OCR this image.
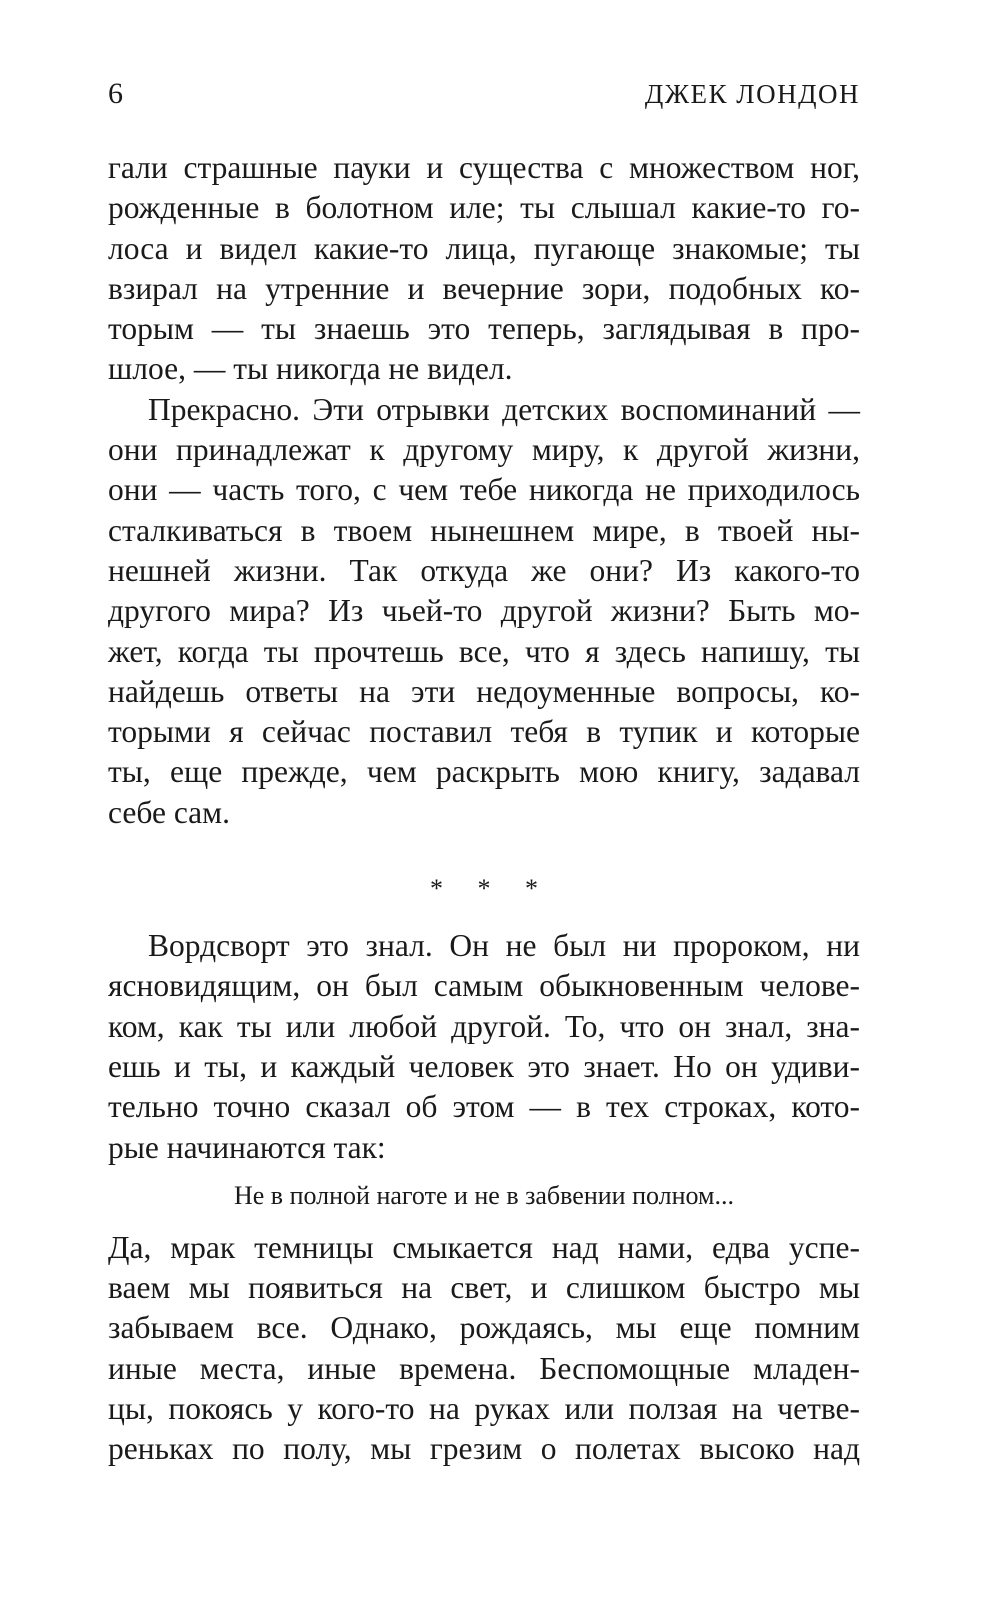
6	ДЖЕК ЛОНДОН
гали страшные пауки и существа с множеством ног,
рожденные в болотном иле; ты слышал какие-то го-
лоса и видел какие-то лица, пугающе знакомые; ты
взирал на утренние и вечерние зори, подобных ко-
торым — ты знаешь это теперь, заглядывая в про-
шлое, — ты никогда не видел.
Прекрасно. Эти отрывки детских воспоминаний —
они принадлежат к другому миру, к другой жизни,
они — часть того, с чем тебе никогда не приходилось
сталкиваться в твоем нынешнем мире, в твоей ны-
нешней жизни. Так откуда же они? Из какого-то
другого мира? Из чьей-то другой жизни? Быть мо-
жет, когда ты прочтешь все, что я здесь напишу, ты
найдешь ответы на эти недоуменные вопросы, ко-
торыми я сейчас поставил тебя в тупик и которые
ты, еще прежде, чем раскрыть мою книгу, задавал
себе сам.
* * *
Вордсворт это знал. Он не был ни пророком, ни
ясновидящим, он был самым обыкновенным челове-
ком, как ты или любой другой. То, что он знал, зна-
ешь и ты, и каждый человек это знает. Но он удиви-
тельно точно сказал об этом — в тех строках, кото-
рые начинаются так:
Не в полной наготе и не в забвении полном...
Да, мрак темницы смыкается над нами, едва успе-
ваем мы появиться на свет, и слишком быстро мы
забываем все. Однако, рождаясь, мы еще помним
иные места, иные времена. Беспомощные младен-
цы, покоясь у кого-то на руках или ползая на четве-
реньках по полу, мы грезим о полетах высоко над
